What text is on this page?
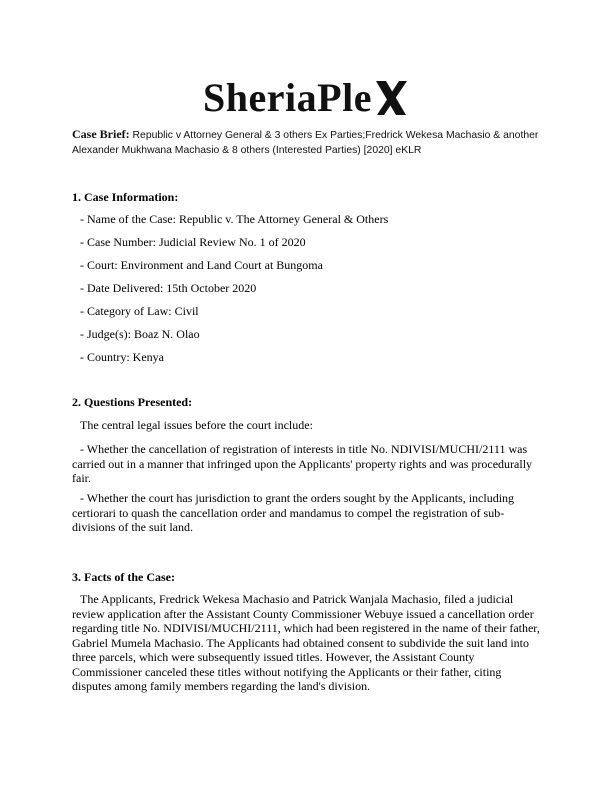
SheriaPle
Case Brief: Republic v Attorney General & 3 others Ex Parties;Fredrick Wekesa Machasio & another Alexander Mukhwana Machasio & 8 others (Interested Parties) [2020] eKLR
1. Case Information:
- Name of the Case: Republic v. The Attorney General & Others
- Case Number: Judicial Review No. 1 of 2020
- Court: Environment and Land Court at Bungoma
- Date Delivered: 15th October 2020
- Category of Law: Civil
- Judge(s): Boaz N. Olao
- Country: Kenya
2. Questions Presented:
The central legal issues before the court include:
- Whether the cancellation of registration of interests in title No. NDIVISI/MUCHI/2111 was carried out in a manner that infringed upon the Applicants' property rights and was procedurally fair.
- Whether the court has jurisdiction to grant the orders sought by the Applicants, including certiorari to quash the cancellation order and mandamus to compel the registration of sub-divisions of the suit land.
3. Facts of the Case:
The Applicants, Fredrick Wekesa Machasio and Patrick Wanjala Machasio, filed a judicial review application after the Assistant County Commissioner Webuye issued a cancellation order regarding title No. NDIVISI/MUCHI/2111, which had been registered in the name of their father, Gabriel Mumela Machasio. The Applicants had obtained consent to subdivide the suit land into three parcels, which were subsequently issued titles. However, the Assistant County Commissioner canceled these titles without notifying the Applicants or their father, citing disputes among family members regarding the land's division.
